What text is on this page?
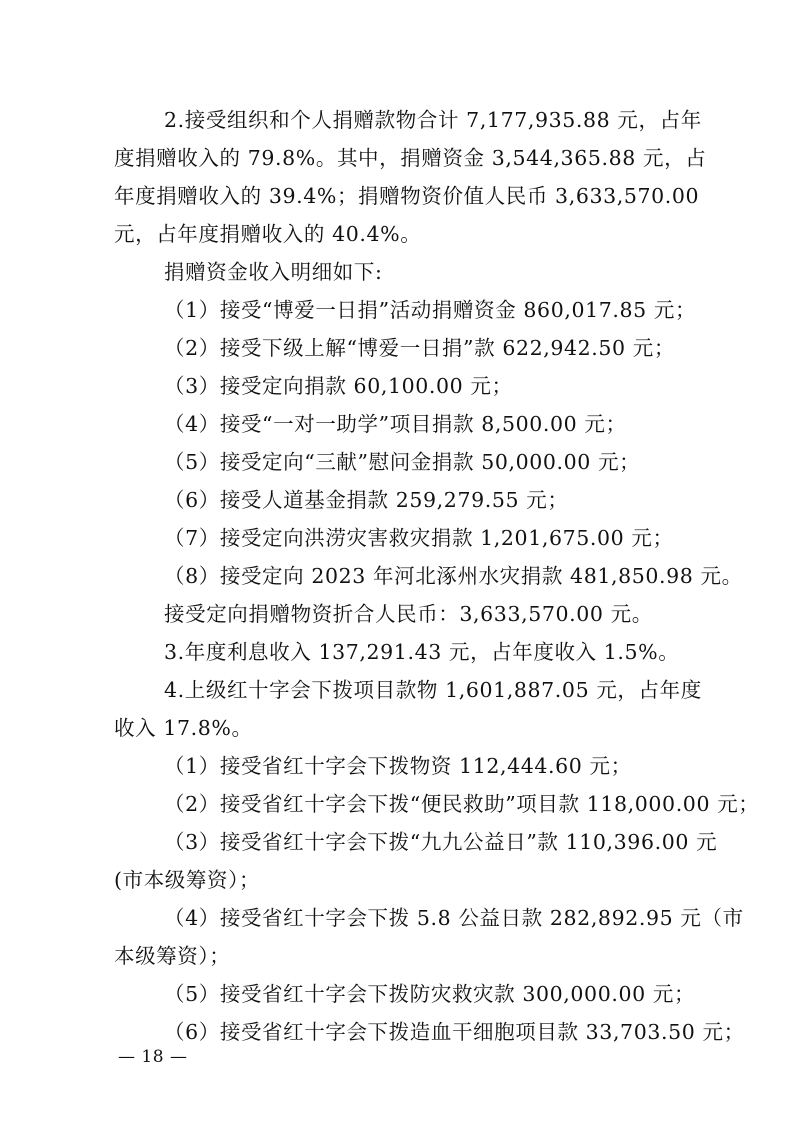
2.接受组织和个人捐赠款物合计 7,177,935.88 元，占年
度捐赠收入的 79.8%。其中，捐赠资金 3,544,365.88 元，占
年度捐赠收入的 39.4%；捐赠物资价值人民币 3,633,570.00
元，占年度捐赠收入的 40.4%。
捐赠资金收入明细如下:
（1）接受“博爱一日捐”活动捐赠资金 860,017.85 元；
（2）接受下级上解“博爱一日捐”款 622,942.50 元；
（3）接受定向捐款 60,100.00 元；
（4）接受“一对一助学”项目捐款 8,500.00 元；
（5）接受定向“三献”慰问金捐款 50,000.00 元；
（6）接受人道基金捐款 259,279.55 元；
（7）接受定向洪涝灾害救灾捐款 1,201,675.00 元；
（8）接受定向 2023 年河北涿州水灾捐款 481,850.98 元。
接受定向捐赠物资折合人民币：3,633,570.00 元。
3.年度利息收入 137,291.43 元，占年度收入 1.5%。
4.上级红十字会下拨项目款物 1,601,887.05 元，占年度
收入 17.8%。
（1）接受省红十字会下拨物资 112,444.60 元；
（2）接受省红十字会下拨“便民救助”项目款 118,000.00 元；
（3）接受省红十字会下拨“九九公益日”款 110,396.00 元
(市本级筹资）；
（4）接受省红十字会下拨 5.8 公益日款 282,892.95 元（市
本级筹资）；
（5）接受省红十字会下拨防灾救灾款 300,000.00 元；
（6）接受省红十字会下拨造血干细胞项目款 33,703.50 元；
— 18 —
